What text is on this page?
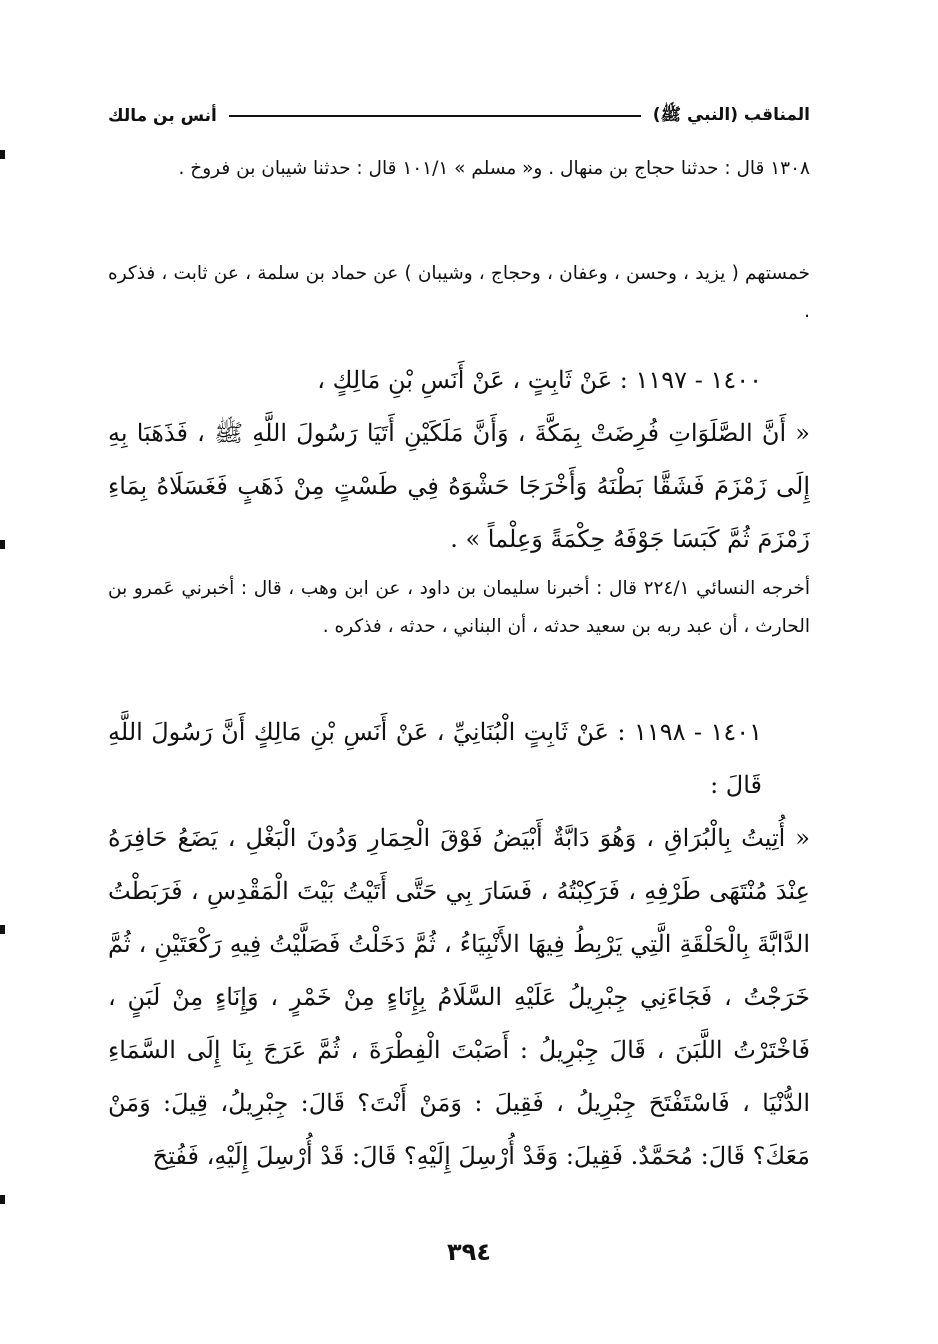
المناقب (النبي ﷺ)
أنس بن مالك

١٣٠٨ قال : حدثنا حجاج بن منهال . و« مسلم » ١٠١/١ قال : حدثنا شيبان بن فروخ .

خمستهم ( يزيد ، وحسن ، وعفان ، وحجاج ، وشيبان ) عن حماد بن سلمة ، عن ثابت ، فذكره .

١٤٠٠ - ١١٩٧ : عَنْ ثَابِتٍ ، عَنْ أَنَسِ بْنِ مَالِكٍ ،

« أَنَّ الصَّلَوَاتِ فُرِضَتْ بِمَكَّةَ ، وَأَنَّ مَلَكَيْنِ أَتَيَا رَسُولَ اللَّهِ ﷺ ، فَذَهَبَا بِهِ إِلَى زَمْزَمَ فَشَقَّا بَطْنَهُ وَأَخْرَجَا حَشْوَهُ فِي طَسْتٍ مِنْ ذَهَبٍ فَغَسَلَاهُ بِمَاءِ زَمْزَمَ ثُمَّ كَبَسَا جَوْفَهُ حِكْمَةً وَعِلْماً » .

أخرجه النسائي ٢٢٤/١ قال : أخبرنا سليمان بن داود ، عن ابن وهب ، قال : أخبرني عَمرو بن الحارث ، أن عبد ربه بن سعيد حدثه ، أن البناني ، حدثه ، فذكره .

١٤٠١ - ١١٩٨ : عَنْ ثَابِتٍ الْبُنَانِيِّ ، عَنْ أَنَسِ بْنِ مَالِكٍ أَنَّ رَسُولَ اللَّهِ قَالَ :

« أُتِيتُ بِالْبُرَاقِ ، وَهُوَ دَابَّةٌ أَبْيَضُ فَوْقَ الْحِمَارِ وَدُونَ الْبَغْلِ ، يَضَعُ حَافِرَهُ عِنْدَ مُنْتَهَى طَرْفِهِ ، فَرَكِبْتُهُ ، فَسَارَ بِي حَتَّى أَتَيْتُ بَيْتَ الْمَقْدِسِ ، فَرَبَطْتُ الدَّابَّةَ بِالْحَلْقَةِ الَّتِي يَرْبِطُ فِيهَا الأَنْبِيَاءُ ، ثُمَّ دَخَلْتُ فَصَلَّيْتُ فِيهِ رَكْعَتَيْنِ ، ثُمَّ خَرَجْتُ ، فَجَاءَنِي جِبْرِيلُ عَلَيْهِ السَّلَامُ بِإِنَاءٍ مِنْ خَمْرٍ ، وَإِنَاءٍ مِنْ لَبَنٍ ، فَاخْتَرْتُ اللَّبَنَ ، قَالَ جِبْرِيلُ : أَصَبْتَ الْفِطْرَةَ ، ثُمَّ عَرَجَ بِنَا إِلَى السَّمَاءِ الدُّنْيَا ، فَاسْتَفْتَحَ جِبْرِيلُ ، فَقِيلَ : وَمَنْ أَنْتَ؟ قَالَ: جِبْرِيلُ، قِيلَ: وَمَنْ مَعَكَ؟ قَالَ: مُحَمَّدٌ. فَقِيلَ: وَقَدْ أُرْسِلَ إِلَيْهِ؟ قَالَ: قَدْ أُرْسِلَ إِلَيْهِ، فَفُتِحَ

٣٩٤
